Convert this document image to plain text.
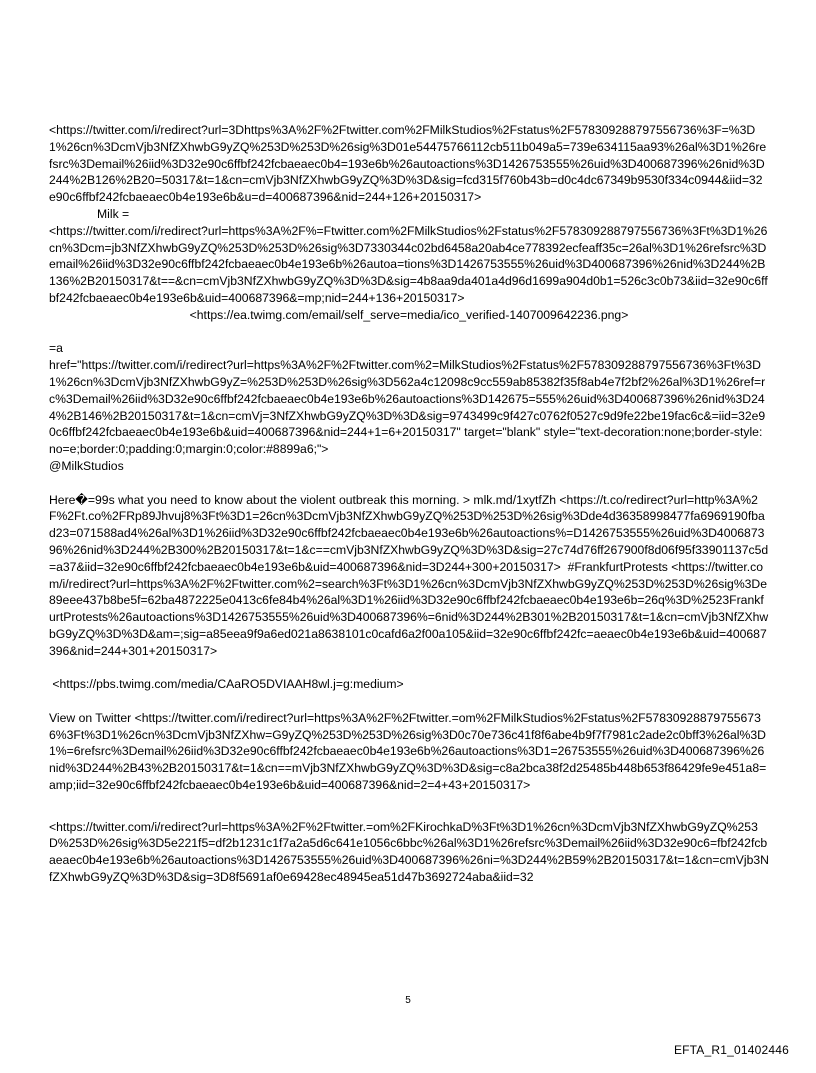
<https://twitter.com/i/redirect?url=3Dhttps%3A%2F%2Ftwitter.com%2FMilkStudios%2Fstatus%2F578309288797556736%3F=%3D1%26cn%3DcmVjb3NfZXhwbG9yZQ%253D%253D%26sig%3D01e54475766112cb511b049a5=739e634115aa93%26al%3D1%26refsrc%3Demail%26iid%3D32e90c6ffbf242fcbaeaec0b4=193e6b%26autoactions%3D1426753555%26uid%3D400687396%26nid%3D244%2B126%2B20=50317&t=1&cn=cmVjb3NfZXhwbG9yZQ%3D%3D&sig=fcd315f760b43b=d0c4dc67349b9530f334c0944&iid=32e90c6ffbf242fcbaeaec0b4e193e6b&u=d=400687396&nid=244+126+20150317>

Milk =

<https://twitter.com/i/redirect?url=https%3A%2F%=Ftwitter.com%2FMilkStudios%2Fstatus%2F578309288797556736%3Ft%3D1%26cn%3Dcm=jb3NfZXhwbG9yZQ%253D%253D%26sig%3D7330344c02bd6458a20ab4ce778392ecfeaff35c=26al%3D1%26refsrc%3Demail%26iid%3D32e90c6ffbf242fcbaeaec0b4e193e6b%26autoa=tions%3D1426753555%26uid%3D400687396%26nid%3D244%2B136%2B20150317&t==&cn=cmVjb3NfZXhwbG9yZQ%3D%3D&sig=4b8aa9da401a4d96d1699a904d0b1=526c3c0b73&iid=32e90c6ffbf242fcbaeaec0b4e193e6b&uid=400687396&=mp;nid=244+136+20150317>

<https://ea.twimg.com/email/self_serve=media/ico_verified-1407009642236.png>

=a

href="https://twitter.com/i/redirect?url=https%3A%2F%2Ftwitter.com%2=MilkStudios%2Fstatus%2F578309288797556736%3Ft%3D1%26cn%3DcmVjb3NfZXhwbG9yZ=%253D%253D%26sig%3D562a4c12098c9cc559ab85382f35f8ab4e7f2bf2%26al%3D1%26ref=rc%3Demail%26iid%3D32e90c6ffbf242fcbaeaec0b4e193e6b%26autoactions%3D142675=555%26uid%3D400687396%26nid%3D244%2B146%2B20150317&t=1&cn=cmVj=3NfZXhwbG9yZQ%3D%3D&sig=9743499c9f427c0762f0527c9d9fe22be19fac6c&=iid=32e90c6ffbf242fcbaeaec0b4e193e6b&uid=400687396&nid=244+1=6+20150317" target="blank" style="text-decoration:none;border-style:no=e;border:0;padding:0;margin:0;color:#8899a6;">

@MilkStudios

Here�=99s what you need to know about the violent outbreak this morning. > mlk.md/1xytfZh <https://t.co/redirect?url=http%3A%2F%2Ft.co%2FRp89Jhvuj8%3Ft%3D1=26cn%3DcmVjb3NfZXhwbG9yZQ%253D%253D%26sig%3Dde4d36358998477fa6969190fbad23=071588ad4%26al%3D1%26iid%3D32e90c6ffbf242fcbaeaec0b4e193e6b%26autoactions%=D1426753555%26uid%3D400687396%26nid%3D244%2B300%2B20150317&t=1&c==cmVjb3NfZXhwbG9yZQ%3D%3D&sig=27c74d76ff267900f8d06f95f33901137c5d=a37&iid=32e90c6ffbf242fcbaeaec0b4e193e6b&uid=400687396&nid=3D244+300+20150317>  #FrankfurtProtests <https://twitter.com/i/redirect?url=https%3A%2F%2Ftwitter.com%2=search%3Ft%3D1%26cn%3DcmVjb3NfZXhwbG9yZQ%253D%253D%26sig%3De89eee437b8be5f=62ba4872225e0413c6fe84b4%26al%3D1%26iid%3D32e90c6ffbf242fcbaeaec0b4e193e6b=26q%3D%2523FrankfurtProtests%26autoactions%3D1426753555%26uid%3D400687396%=6nid%3D244%2B301%2B20150317&t=1&cn=cmVjb3NfZXhwbG9yZQ%3D%3D&am=;sig=a85eea9f9a6ed021a8638101c0cafd6a2f00a105&iid=32e90c6ffbf242fc=aeaec0b4e193e6b&uid=400687396&nid=244+301+20150317>

<https://pbs.twimg.com/media/CAaRO5DVIAAH8wl.j=g:medium>

View on Twitter <https://twitter.com/i/redirect?url=https%3A%2F%2Ftwitter.=om%2FMilkStudios%2Fstatus%2F578309288797556736%3Ft%3D1%26cn%3DcmVjb3NfZXhw=G9yZQ%253D%253D%26sig%3D0c70e736c41f8f6abe4b9f7f7981c2ade2c0bff3%26al%3D1%=6refsrc%3Demail%26iid%3D32e90c6ffbf242fcbaeaec0b4e193e6b%26autoactions%3D1=26753555%26uid%3D400687396%26nid%3D244%2B43%2B20150317&t=1&cn==mVjb3NfZXhwbG9yZQ%3D%3D&sig=c8a2bca38f2d25485b448b653f86429fe9e451a8=amp;iid=32e90c6ffbf242fcbaeaec0b4e193e6b&uid=400687396&nid=2=4+43+20150317>

<https://twitter.com/i/redirect?url=https%3A%2F%2Ftwitter.=om%2FKirochkaD%3Ft%3D1%26cn%3DcmVjb3NfZXhwbG9yZQ%253D%253D%26sig%3D5e221f5=df2b1231c1f7a2a5d6c641e1056c6bbc%26al%3D1%26refsrc%3Demail%26iid%3D32e90c6=fbf242fcbaeaec0b4e193e6b%26autoactions%3D1426753555%26uid%3D400687396%26ni=%3D244%2B59%2B20150317&t=1&cn=cmVjb3NfZXhwbG9yZQ%3D%3D&sig=3D8f5691af0e69428ec48945ea51d47b3692724aba&iid=32

5
EFTA_R1_01402446
